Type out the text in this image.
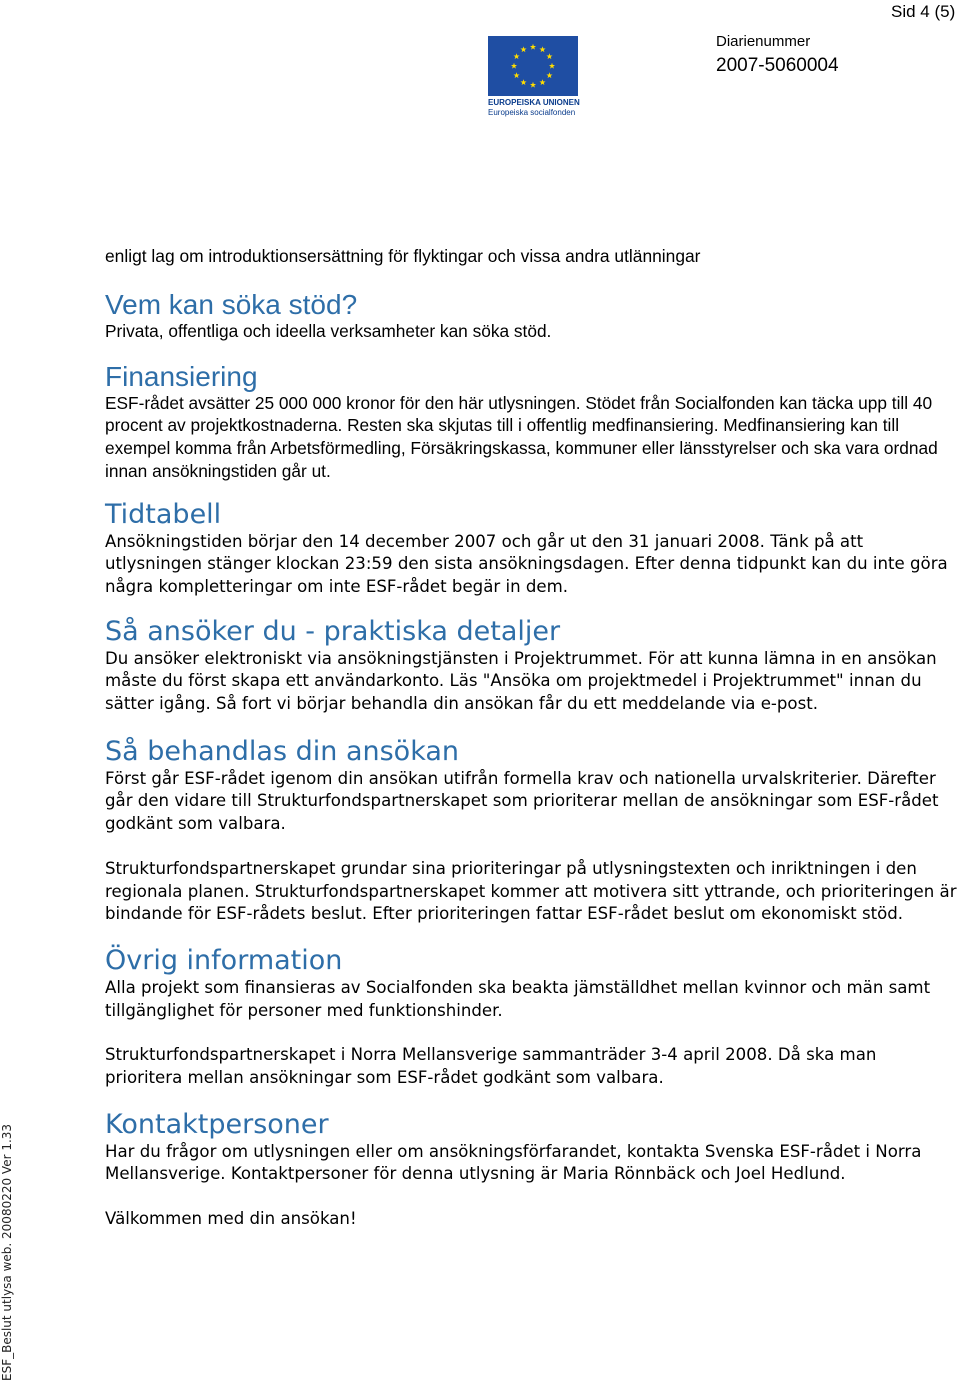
Sid 4 (5)
EUROPEISKA UNIONEN
Europeiska socialfonden
Diarienummer
2007-5060004
ESF_Beslut utlysa web. 20080220 Ver 1.33

enligt lag om introduktionsersättning för flyktingar och vissa andra utlänningar

Vem kan söka stöd?

Privata, offentliga och ideella verksamheter kan söka stöd.

Finansiering

ESF-rådet avsätter 25 000 000 kronor för den här utlysningen. Stödet från Socialfonden kan täcka upp till 40 procent av projektkostnaderna. Resten ska skjutas till i offentlig medfinansiering. Medfinansiering kan till exempel komma från Arbetsförmedling, Försäkringskassa, kommuner eller länsstyrelser och ska vara ordnad innan ansökningstiden går ut.

Tidtabell

Ansökningstiden börjar den 14 december 2007 och går ut den 31 januari 2008. Tänk på att utlysningen stänger klockan 23:59 den sista ansökningsdagen. Efter denna tidpunkt kan du inte göra några kompletteringar om inte ESF-rådet begär in dem.

Så ansöker du - praktiska detaljer

Du ansöker elektroniskt via ansökningstjänsten i Projektrummet. För att kunna lämna in en ansökan måste du först skapa ett användarkonto. Läs "Ansöka om projektmedel i Projektrummet" innan du sätter igång. Så fort vi börjar behandla din ansökan får du ett meddelande via e-post.

Så behandlas din ansökan

Först går ESF-rådet igenom din ansökan utifrån formella krav och nationella urvalskriterier. Därefter går den vidare till Strukturfondspartnerskapet som prioriterar mellan de ansökningar som ESF-rådet godkänt som valbara.

Strukturfondspartnerskapet grundar sina prioriteringar på utlysningstexten och inriktningen i den regionala planen. Strukturfondspartnerskapet kommer att motivera sitt yttrande, och prioriteringen är bindande för ESF-rådets beslut. Efter prioriteringen fattar ESF-rådet beslut om ekonomiskt stöd.

Övrig information

Alla projekt som finansieras av Socialfonden ska beakta jämställdhet mellan kvinnor och män samt tillgänglighet för personer med funktionshinder.

Strukturfondspartnerskapet i Norra Mellansverige sammanträder 3-4 april 2008. Då ska man prioritera mellan ansökningar som ESF-rådet godkänt som valbara.

Kontaktpersoner

Har du frågor om utlysningen eller om ansökningsförfarandet, kontakta Svenska ESF-rådet i Norra Mellansverige. Kontaktpersoner för denna utlysning är Maria Rönnbäck och Joel Hedlund.

Välkommen med din ansökan!
